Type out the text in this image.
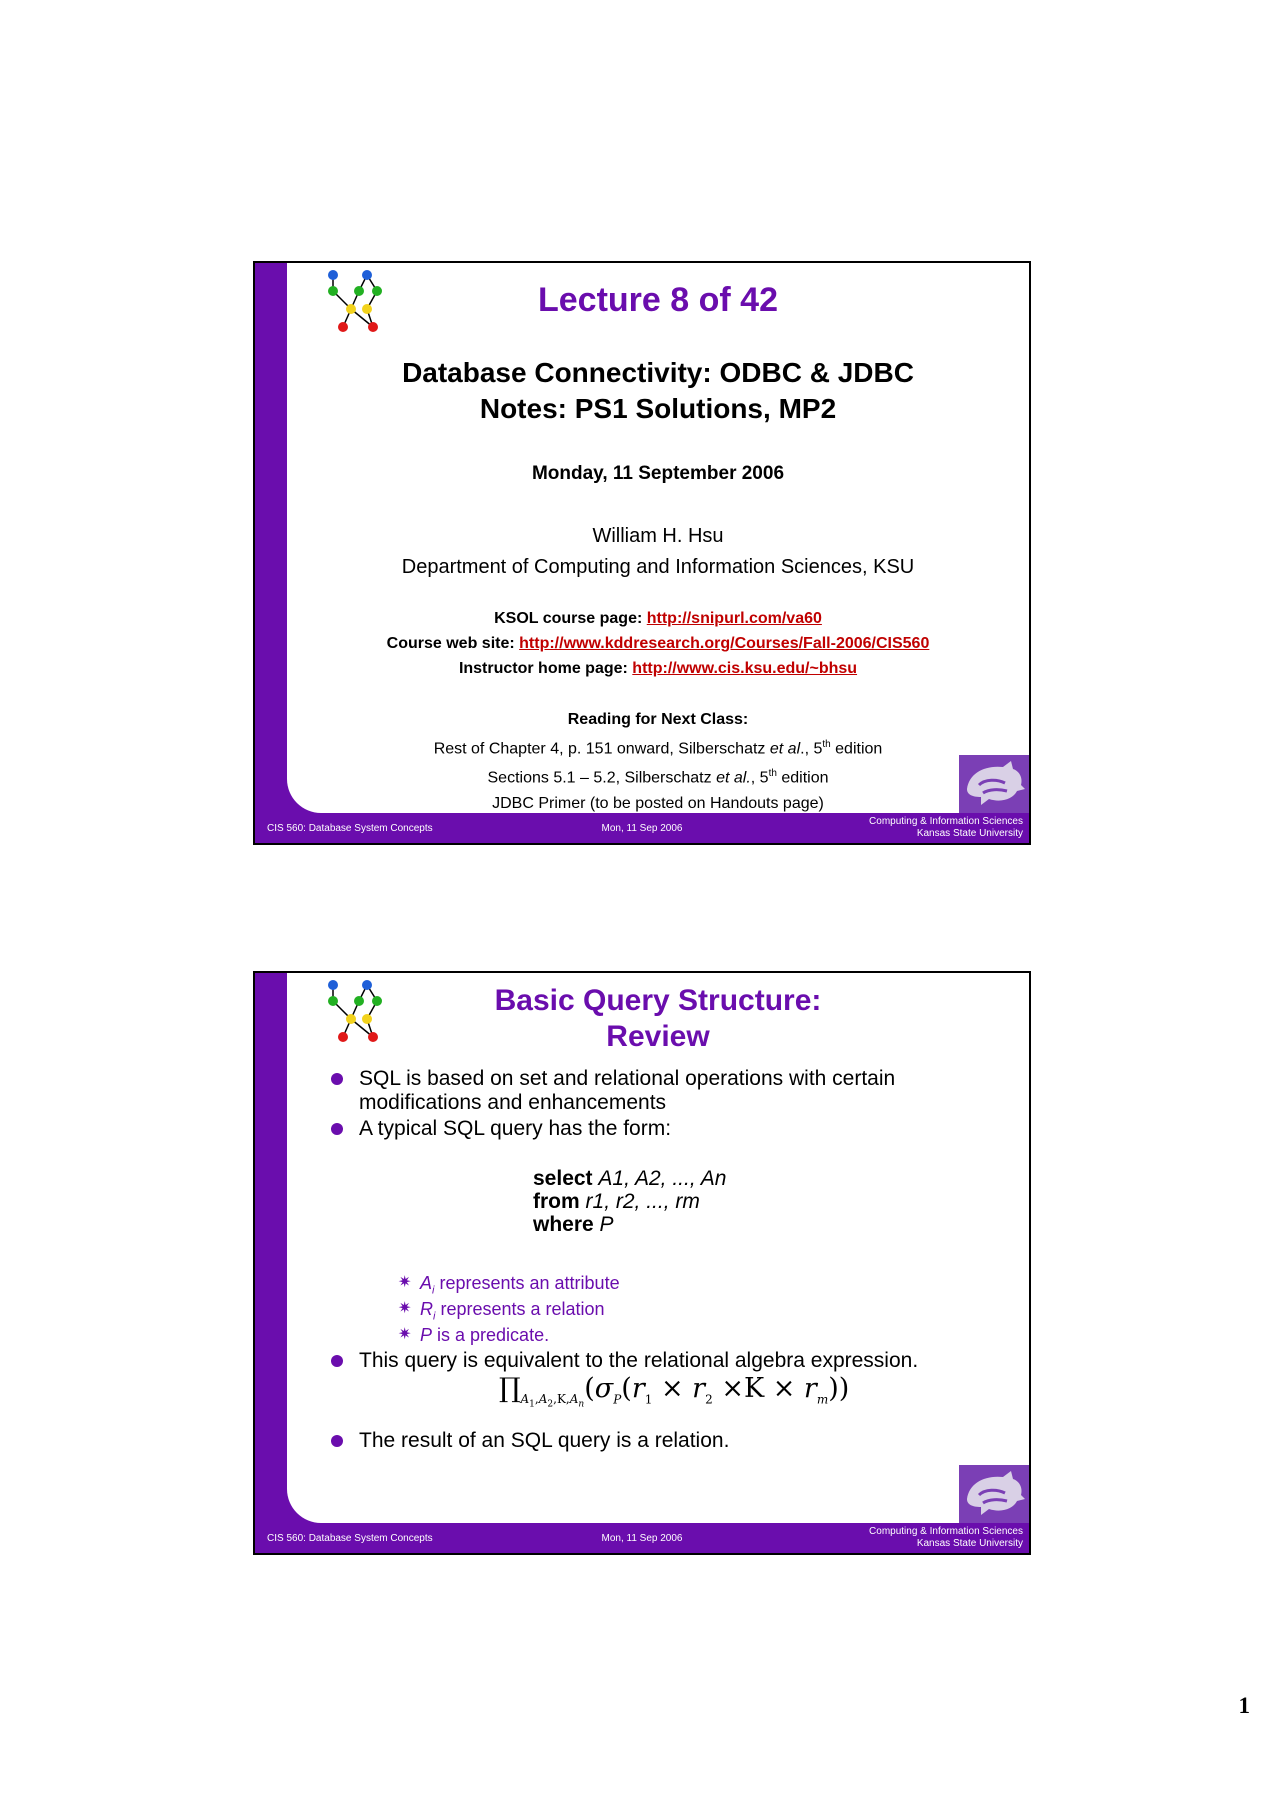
Lecture 8 of 42
Database Connectivity: ODBC & JDBC
Notes: PS1 Solutions, MP2
Monday, 11 September 2006
William H. Hsu
Department of Computing and Information Sciences, KSU
KSOL course page: http://snipurl.com/va60
Course web site: http://www.kddresearch.org/Courses/Fall-2006/CIS560
Instructor home page: http://www.cis.ksu.edu/~bhsu
Reading for Next Class:
Rest of Chapter 4, p. 151 onward, Silberschatz et al., 5th edition
Sections 5.1 – 5.2, Silberschatz et al., 5th edition
JDBC Primer (to be posted on Handouts page)
CIS 560: Database System Concepts	Mon, 11 Sep 2006
Computing & Information Sciences
Kansas State University
Basic Query Structure:
Review
SQL is based on set and relational operations with certain modifications and enhancements
A typical SQL query has the form:
select A1, A2, ..., An
from r1, r2, ..., rm
where P
✷ $A_i$ represents an attribute
✷ $R_i$ represents a relation
✷ P is a predicate.
This query is equivalent to the relational algebra expression.
$\prod_{A_1,A_2,K,A_n}(\sigma_P(r_1 \times r_2 \times K \times r_m))$
The result of an SQL query is a relation.
CIS 560: Database System Concepts	Mon, 11 Sep 2006
Computing & Information Sciences
Kansas State University
1
